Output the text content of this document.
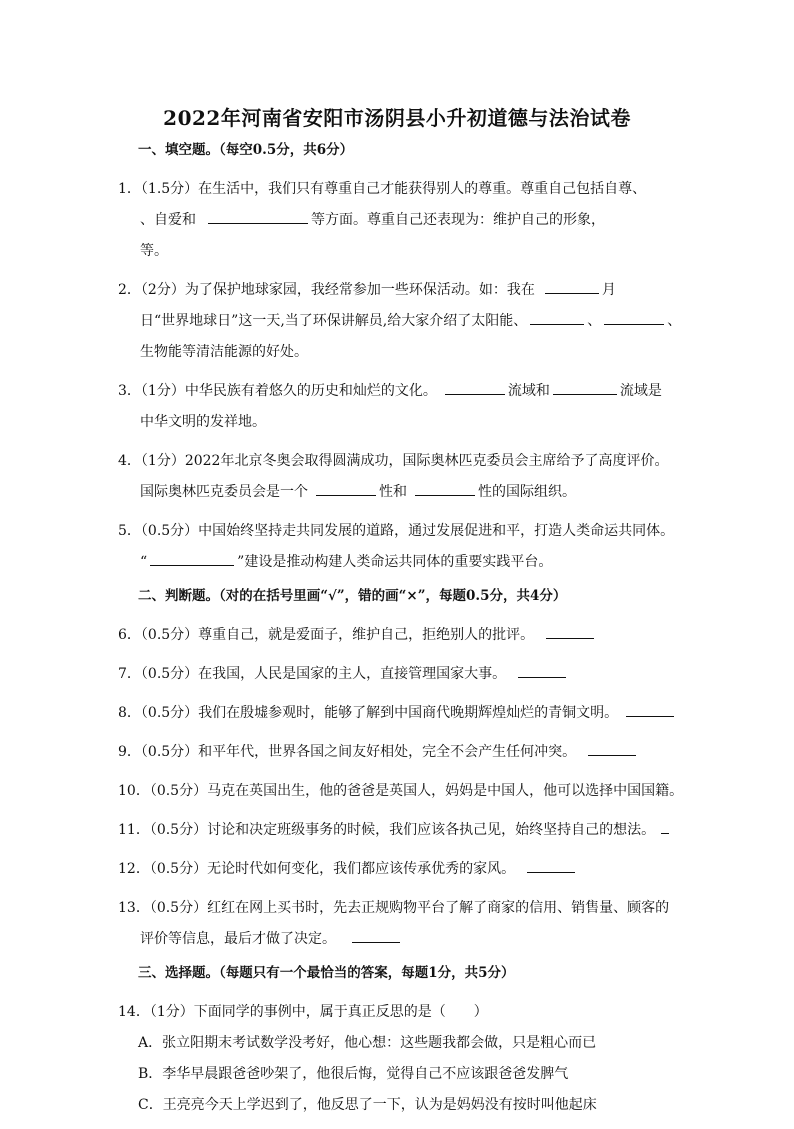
2022年河南省安阳市汤阴县小升初道德与法治试卷
一、填空题。（每空0.5分，共6分）
1．（1.5分）在生活中，我们只有尊重自己才能获得别人的尊重。尊重自己包括自尊、
、自爱和	等方面。尊重自己还表现为：维护自己的形象，
等。
2．（2分）为了保护地球家园，我经常参加一些环保活动。如：我在	月
日“世界地球日”这一天,当了环保讲解员,给大家介绍了太阳能、	、	、
生物能等清洁能源的好处。
3．（1分）中华民族有着悠久的历史和灿烂的文化。	流域和	流域是
中华文明的发祥地。
4．（1分）2022年北京冬奥会取得圆满成功，国际奥林匹克委员会主席给予了高度评价。
国际奥林匹克委员会是一个	性和	性的国际组织。
5．（0.5分）中国始终坚持走共同发展的道路，通过发展促进和平，打造人类命运共同体。
“	”建设是推动构建人类命运共同体的重要实践平台。
二、判断题。（对的在括号里画“√”，错的画“×”，每题0.5分，共4分）
6．（0.5分）尊重自己，就是爱面子，维护自己，拒绝别人的批评。
7．（0.5分）在我国，人民是国家的主人，直接管理国家大事。
8．（0.5分）我们在殷墟参观时，能够了解到中国商代晚期辉煌灿烂的青铜文明。
9．（0.5分）和平年代，世界各国之间友好相处，完全不会产生任何冲突。
10．（0.5分）马克在英国出生，他的爸爸是英国人，妈妈是中国人，他可以选择中国国籍。
11．（0.5分）讨论和决定班级事务的时候，我们应该各执己见，始终坚持自己的想法。
12．（0.5分）无论时代如何变化，我们都应该传承优秀的家风。
13．（0.5分）红红在网上买书时，先去正规购物平台了解了商家的信用、销售量、顾客的
评价等信息，最后才做了决定。
三、选择题。（每题只有一个最恰当的答案，每题1分，共5分）
14．（1分）下面同学的事例中，属于真正反思的是（　　）
A．张立阳期末考试数学没考好，他心想：这些题我都会做，只是粗心而已
B．李华早晨跟爸爸吵架了，他很后悔，觉得自己不应该跟爸爸发脾气
C．王亮亮今天上学迟到了，他反思了一下，认为是妈妈没有按时叫他起床
